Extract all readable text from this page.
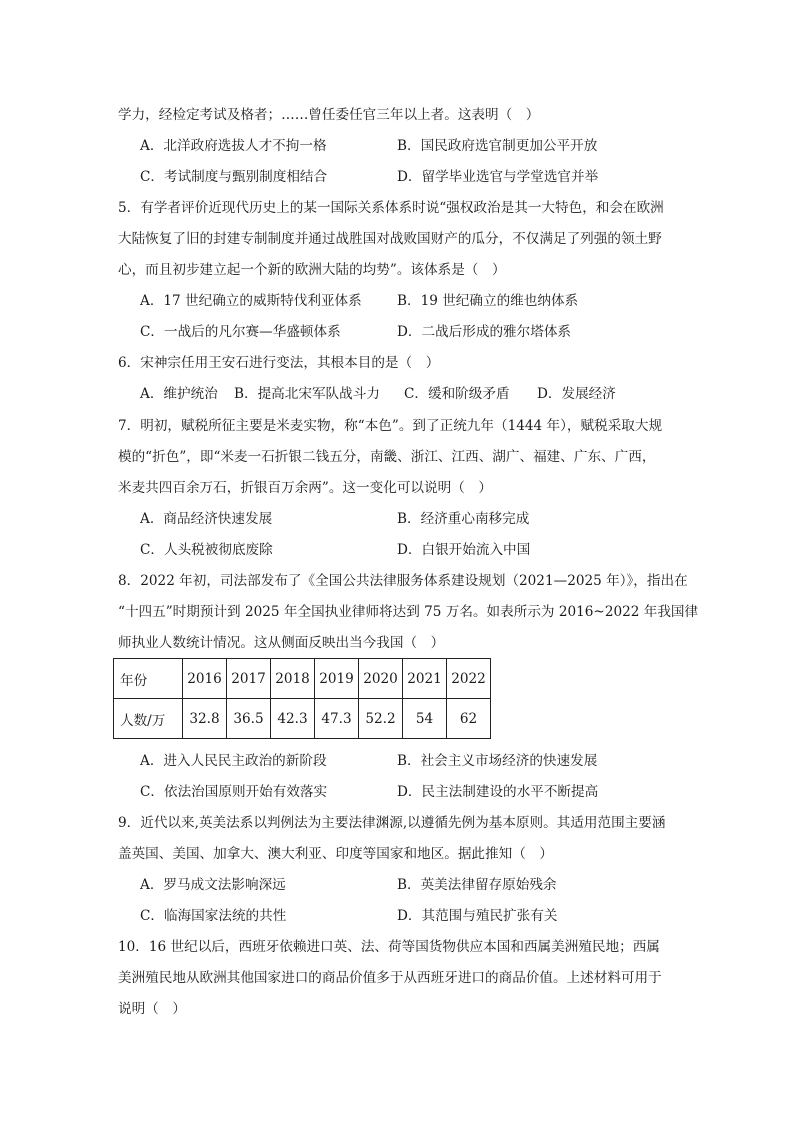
学力，经检定考试及格者；……曾任委任官三年以上者。这表明（　）
A．北洋政府选拔人才不拘一格	B．国民政府选官制更加公平开放
C．考试制度与甄别制度相结合	D．留学毕业选官与学堂选官并举
5．有学者评价近现代历史上的某一国际关系体系时说“强权政治是其一大特色，和会在欧洲
大陆恢复了旧的封建专制制度并通过战胜国对战败国财产的瓜分，不仅满足了列强的领土野
心，而且初步建立起一个新的欧洲大陆的均势”。该体系是（　）
A．17 世纪确立的威斯特伐利亚体系	B．19 世纪确立的维也纳体系
C．一战后的凡尔赛—华盛顿体系	D．二战后形成的雅尔塔体系
6．宋神宗任用王安石进行变法，其根本目的是（　）
A．维护统治 B．提高北宋军队战斗力 C．缓和阶级矛盾 D．发展经济
7．明初，赋税所征主要是米麦实物，称“本色”。到了正统九年（1444 年），赋税采取大规
模的“折色”，即“米麦一石折银二钱五分，南畿、浙江、江西、湖广、福建、广东、广西，
米麦共四百余万石，折银百万余两”。这一变化可以说明（　）
A．商品经济快速发展	B．经济重心南移完成
C．人头税被彻底废除	D．白银开始流入中国
8．2022 年初，司法部发布了《全国公共法律服务体系建设规划（2021—2025 年）》，指出在
“十四五”时期预计到 2025 年全国执业律师将达到 75 万名。如表所示为 2016~2022 年我国律
师执业人数统计情况。这从侧面反映出当今我国（　）
年份	2016	2017	2018	2019	2020	2021	2022
人数/万	32.8	36.5	42.3	47.3	52.2	54	62
A．进入人民民主政治的新阶段	B．社会主义市场经济的快速发展
C．依法治国原则开始有效落实	D．民主法制建设的水平不断提高
9．近代以来,英美法系以判例法为主要法律渊源,以遵循先例为基本原则。其适用范围主要涵
盖英国、美国、加拿大、澳大利亚、印度等国家和地区。据此推知（　）
A．罗马成文法影响深远	B．英美法律留存原始残余
C．临海国家法统的共性	D．其范围与殖民扩张有关
10．16 世纪以后，西班牙依赖进口英、法、荷等国货物供应本国和西属美洲殖民地；西属
美洲殖民地从欧洲其他国家进口的商品价值多于从西班牙进口的商品价值。上述材料可用于
说明（　）
